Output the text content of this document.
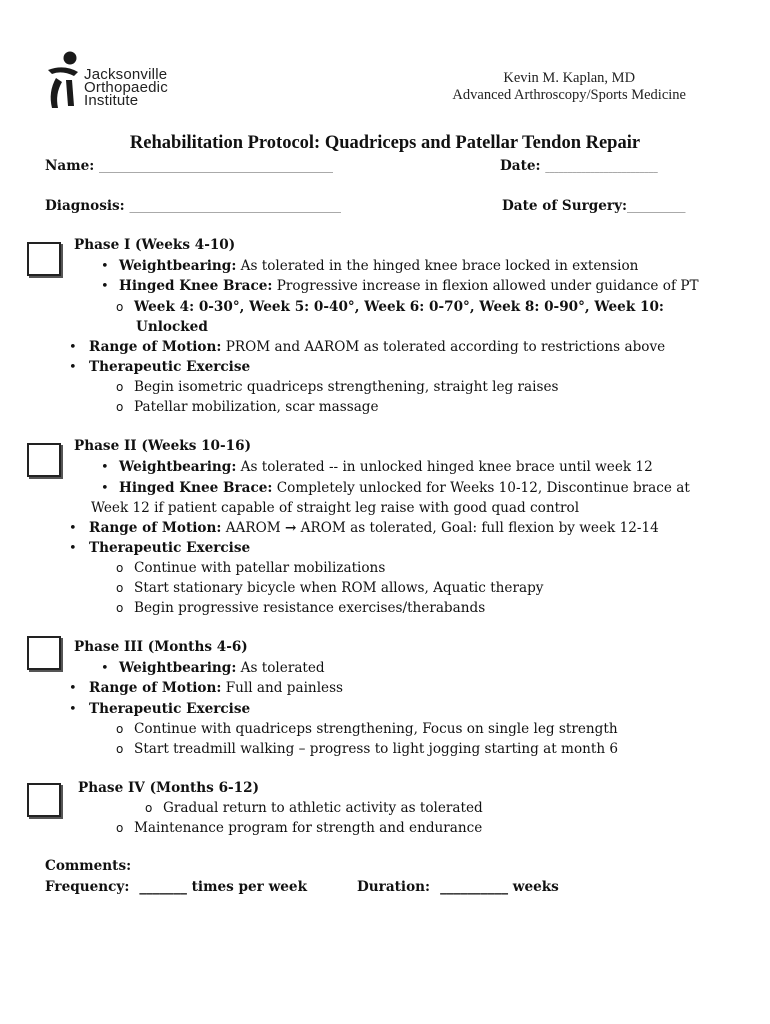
Jacksonville
Orthopaedic
Institute
Kevin M. Kaplan, MD
Advanced Arthroscopy/Sports Medicine
Rehabilitation Protocol: Quadriceps and Patellar Tendon Repair
Name: ____________________________________________________	Date: _________________________
Diagnosis: _______________________________________________	Date of Surgery:_____________
Phase I (Weeks 4-10)
• Weightbearing: As tolerated in the hinged knee brace locked in extension
• Hinged Knee Brace: Progressive increase in flexion allowed under guidance of PT
o Week 4: 0-30°, Week 5: 0-40°, Week 6: 0-70°, Week 8: 0-90°, Week 10:
Unlocked
• Range of Motion: PROM and AAROM as tolerated according to restrictions above
• Therapeutic Exercise
o Begin isometric quadriceps strengthening, straight leg raises
o Patellar mobilization, scar massage
Phase II (Weeks 10-16)
• Weightbearing: As tolerated -- in unlocked hinged knee brace until week 12
• Hinged Knee Brace: Completely unlocked for Weeks 10-12, Discontinue brace at
Week 12 if patient capable of straight leg raise with good quad control
• Range of Motion: AAROM → AROM as tolerated, Goal: full flexion by week 12-14
• Therapeutic Exercise
o Continue with patellar mobilizations
o Start stationary bicycle when ROM allows, Aquatic therapy
o Begin progressive resistance exercises/therabands
Phase III (Months 4-6)
• Weightbearing: As tolerated
• Range of Motion: Full and painless
• Therapeutic Exercise
o Continue with quadriceps strengthening, Focus on single leg strength
o Start treadmill walking – progress to light jogging starting at month 6
Phase IV (Months 6-12)
o Gradual return to athletic activity as tolerated
o Maintenance program for strength and endurance
Comments:
Frequency: _______ times per week	Duration: __________ weeks
